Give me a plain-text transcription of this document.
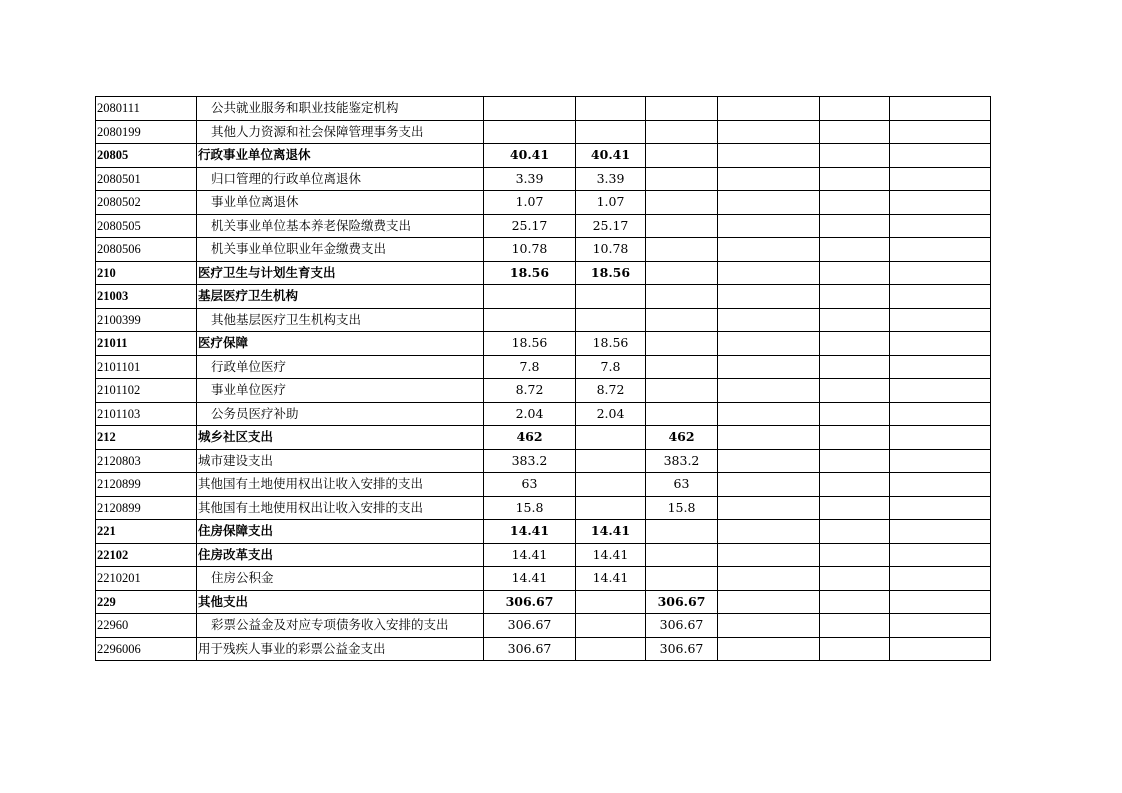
2080111	公共就业服务和职业技能鉴定机构						
2080199	其他人力资源和社会保障管理事务支出						
20805	行政事业单位离退休	40.41	40.41				
2080501	归口管理的行政单位离退休	3.39	3.39				
2080502	事业单位离退休	1.07	1.07				
2080505	机关事业单位基本养老保险缴费支出	25.17	25.17				
2080506	机关事业单位职业年金缴费支出	10.78	10.78				
210	医疗卫生与计划生育支出	18.56	18.56				
21003	基层医疗卫生机构						
2100399	其他基层医疗卫生机构支出						
21011	医疗保障	18.56	18.56				
2101101	行政单位医疗	7.8	7.8				
2101102	事业单位医疗	8.72	8.72				
2101103	公务员医疗补助	2.04	2.04				
212	城乡社区支出	462		462			
2120803	城市建设支出	383.2		383.2			
2120899	其他国有土地使用权出让收入安排的支出	63		63			
2120899	其他国有土地使用权出让收入安排的支出	15.8		15.8			
221	住房保障支出	14.41	14.41				
22102	住房改革支出	14.41	14.41				
2210201	住房公积金	14.41	14.41				
229	其他支出	306.67		306.67			
22960	彩票公益金及对应专项债务收入安排的支出	306.67		306.67			
2296006	用于残疾人事业的彩票公益金支出	306.67		306.67			
